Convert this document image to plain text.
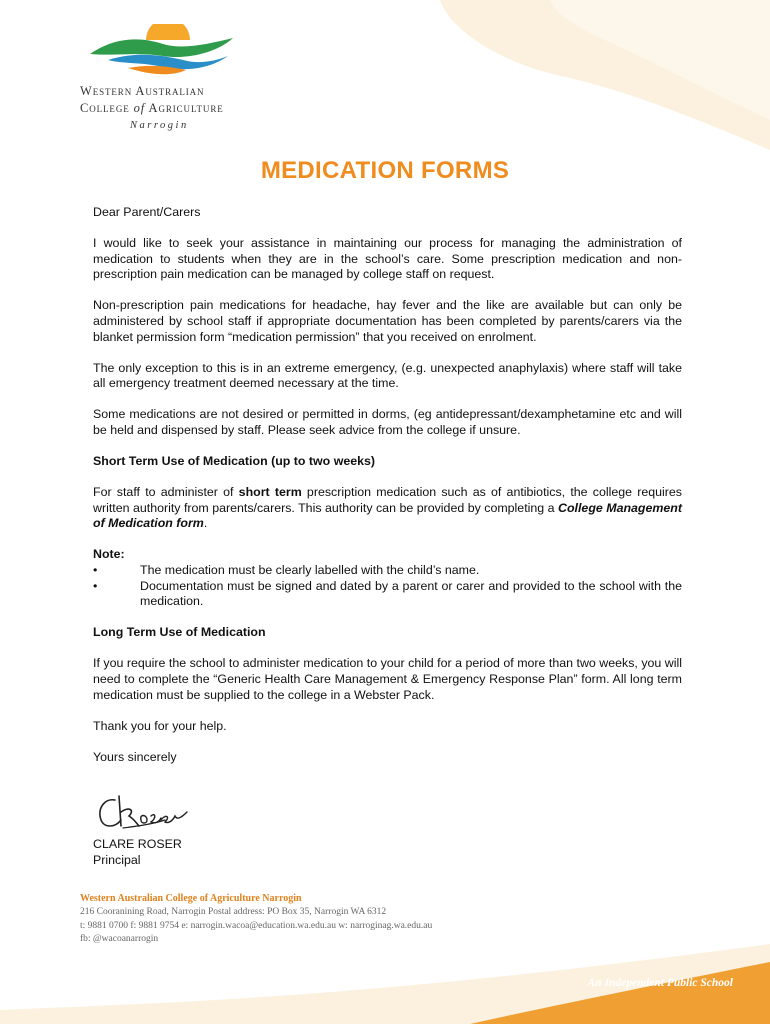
Western Australian
College of Agriculture
Narrogin
MEDICATION FORMS

Dear Parent/Carers

I would like to seek your assistance in maintaining our process for managing the administration of medication to students when they are in the school’s care. Some prescription medication and non-prescription pain medication can be managed by college staff on request.

Non-prescription pain medications for headache, hay fever and the like are available but can only be administered by school staff if appropriate documentation has been completed by parents/carers via the blanket permission form “medication permission” that you received on enrolment.

The only exception to this is in an extreme emergency, (e.g. unexpected anaphylaxis) where staff will take all emergency treatment deemed necessary at the time.

Some medications are not desired or permitted in dorms, (eg antidepressant/dexamphetamine etc and will be held and dispensed by staff. Please seek advice from the college if unsure.

Short Term Use of Medication (up to two weeks)

For staff to administer of short term prescription medication such as of antibiotics, the college requires written authority from parents/carers. This authority can be provided by completing a College Management of Medication form.

Note:

•	The medication must be clearly labelled with the child’s name.
•	Documentation must be signed and dated by a parent or carer and provided to the school with the medication.

Long Term Use of Medication

If you require the school to administer medication to your child for a period of more than two weeks, you will need to complete the “Generic Health Care Management & Emergency Response Plan” form. All long term medication must be supplied to the college in a Webster Pack.

Thank you for your help.

Yours sincerely

CLARE ROSER
Principal
Western Australian College of Agriculture Narrogin
216 Cooranining Road, Narrogin Postal address: PO Box 35, Narrogin WA 6312
t: 9881 0700 f: 9881 9754 e: narrogin.wacoa@education.wa.edu.au w: narroginag.wa.edu.au
fb: @wacoanarrogin
An Independent Public School
